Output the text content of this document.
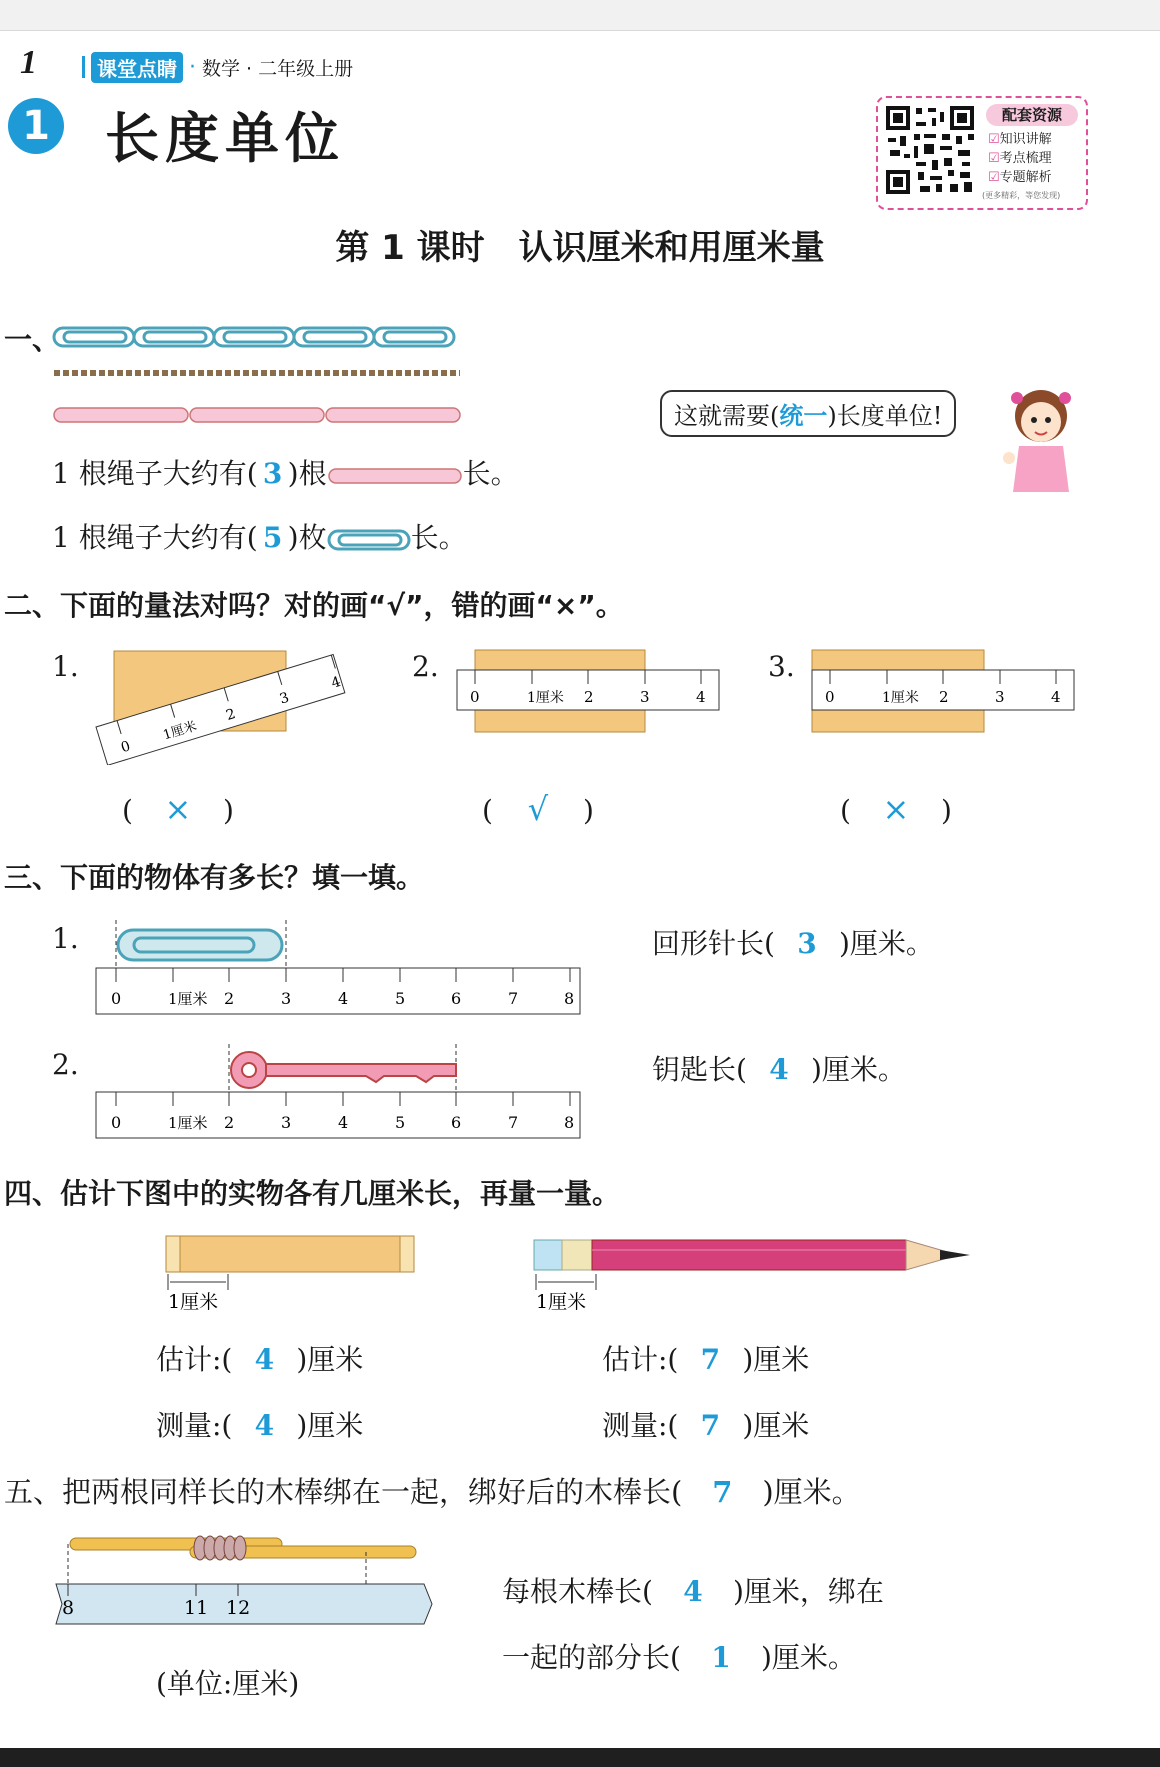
1	课堂点睛 · 数学 · 二年级上册
1 长度单位	配套资源
☑知识讲解
☑考点梳理
☑专题解析
(更多精彩，等您发现)
第 1 课时　认识厘米和用厘米量
一、
这就需要(统一)长度单位!
1 根绳子大约有( 3 )根	长。
1 根绳子大约有( 5 )枚	长。
二、下面的量法对吗？对的画“√”，错的画“×”。
1.
0
1厘米
2
3
4 2.
0	1厘米 2	3	4
3.
0	1厘米 2	3	4
( × )	( √ )	( × )
三、下面的物体有多长？填一填。
1.
0	1厘米 2	3	4	5	6	7	8
回形针长( 3 )厘米。
2.
0	1厘米 2	3	4	5	6	7	8
钥匙长( 4 )厘米。
四、估计下图中的实物各有几厘米长，再量一量。
1厘米	1厘米
估计:( 4 )厘米
测量:( 4 )厘米
估计:( 7 )厘米
测量:( 7 )厘米
五、把两根同样长的木棒绑在一起，绑好后的木棒长( 7 )厘米。
8	11 12
(单位:厘米)
每根木棒长( 4 )厘米，绑在
一起的部分长( 1 )厘米。
